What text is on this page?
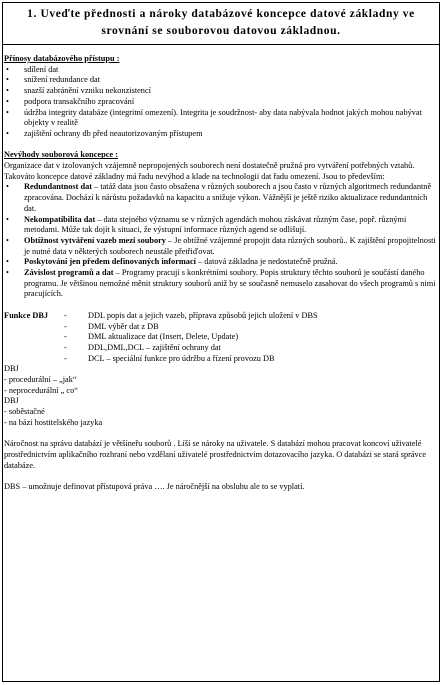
1. Uveďte přednosti a nároky databázové koncepce datové základny ve srovnání se souborovou datovou základnou.
Přínosy databázového přístupu :
• sdílení dat
• snížení redundance dat
• snazší zabránění vzniku nekonzistencí
• podpora transakčního zpracování
• údržba integrity databáze (integritní omezení). Integrita je soudržnost- aby data nabývala hodnot jakých mohou nabývat objekty v realitě
• zajištění ochrany db před neautorizovaným přístupem
Nevýhody souborová koncepce :
Organizace dat v izolovaných vzájemně nepropojených souborech není dostatečně pružná pro vytváření potřebných vztahů. Takováto koncepce datové základny má řadu nevýhod a klade na technologii dat řadu omezení. Jsou to především:
• Redundantnost dat – tatáž data jsou často obsažena v různých souborech a jsou často v různých algoritmech redundantně zpracována. Dochází k nárůstu požadavků na kapacitu a snižuje výkon. Vážnější je ještě riziko aktualizace redundantních dat.
• Nekompatibilita dat – data stejného významu se v různých agendách mohou získávat různým čase, popř. různými metodami. Může tak dojít k situaci, že výstupní informace různých agend se odlišují.
• Obtížnost vytváření vazeb mezi soubory – Je obtížné vzájemné propojit data různých souborů.. K zajištění propojitelnosti je nutné data v některých souborech neustále přetřiďovat.
• Poskytování jen předem definovaných informací – datová základna je nedostatečně pružná.
• Závislost programů a dat – Programy pracují s konkrétními soubory. Popis struktury těchto souborů je součástí daného programu. Je většinou nemožné měnit struktury souborů aniž by se současně nemuselo zasahovat do všech programů s nimi pracujících.
Funkce DBJ -	DDL popis dat a jejich vazeb, příprava způsobů jejich uložení v DBS
-	DML výběr dat z DB
-	DML aktualizace dat (Insert, Delete, Update)
-	DDL,DML,DCL – zajištění ochrany dat
-	DCL – speciální funkce pro údržbu a řízení provozu DB
DBJ
- procedurální – „jak“
- neprocedurální „ co“
DBJ
- soběstačné
- na bázi hostitelského jazyka
Náročnost na správu databází je většíneřu souborů . Líší se nároky na uživatele. S databází mohou pracovat koncoví uživatelé prostřednictvím aplikačního rozhraní nebo vzdělaní uživatelé prostřednictvím dotazovacího jazyka. O databázi se stará správce databáze.
DBS – umožnuje definovat přístupová práva …. Je náročnější na obsluhu ale to se vyplatí.
